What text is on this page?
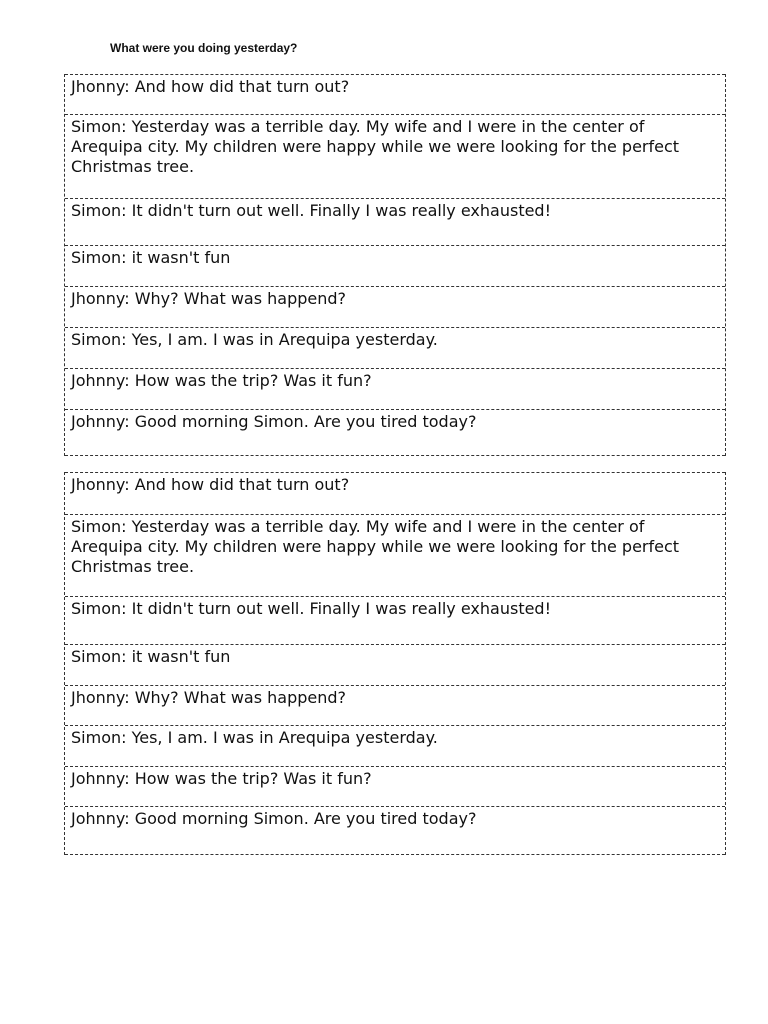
What were you doing yesterday?
Jhonny: And how did that turn out?
Simon: Yesterday was a terrible day. My wife and I were in the center of Arequipa city. My children were happy while we were looking for the perfect Christmas tree.
Simon: It didn't turn out well. Finally I was really exhausted!
Simon: it wasn't fun
Jhonny: Why? What was happend?
Simon: Yes, I am. I was in Arequipa yesterday.
Johnny: How was the trip? Was it fun?
Johnny: Good morning Simon. Are you tired today?
Jhonny: And how did that turn out?
Simon: Yesterday was a terrible day. My wife and I were in the center of Arequipa city. My children were happy while we were looking for the perfect Christmas tree.
Simon: It didn't turn out well. Finally I was really exhausted!
Simon: it wasn't fun
Jhonny: Why? What was happend?
Simon: Yes, I am. I was in Arequipa yesterday.
Johnny: How was the trip? Was it fun?
Johnny: Good morning Simon. Are you tired today?
